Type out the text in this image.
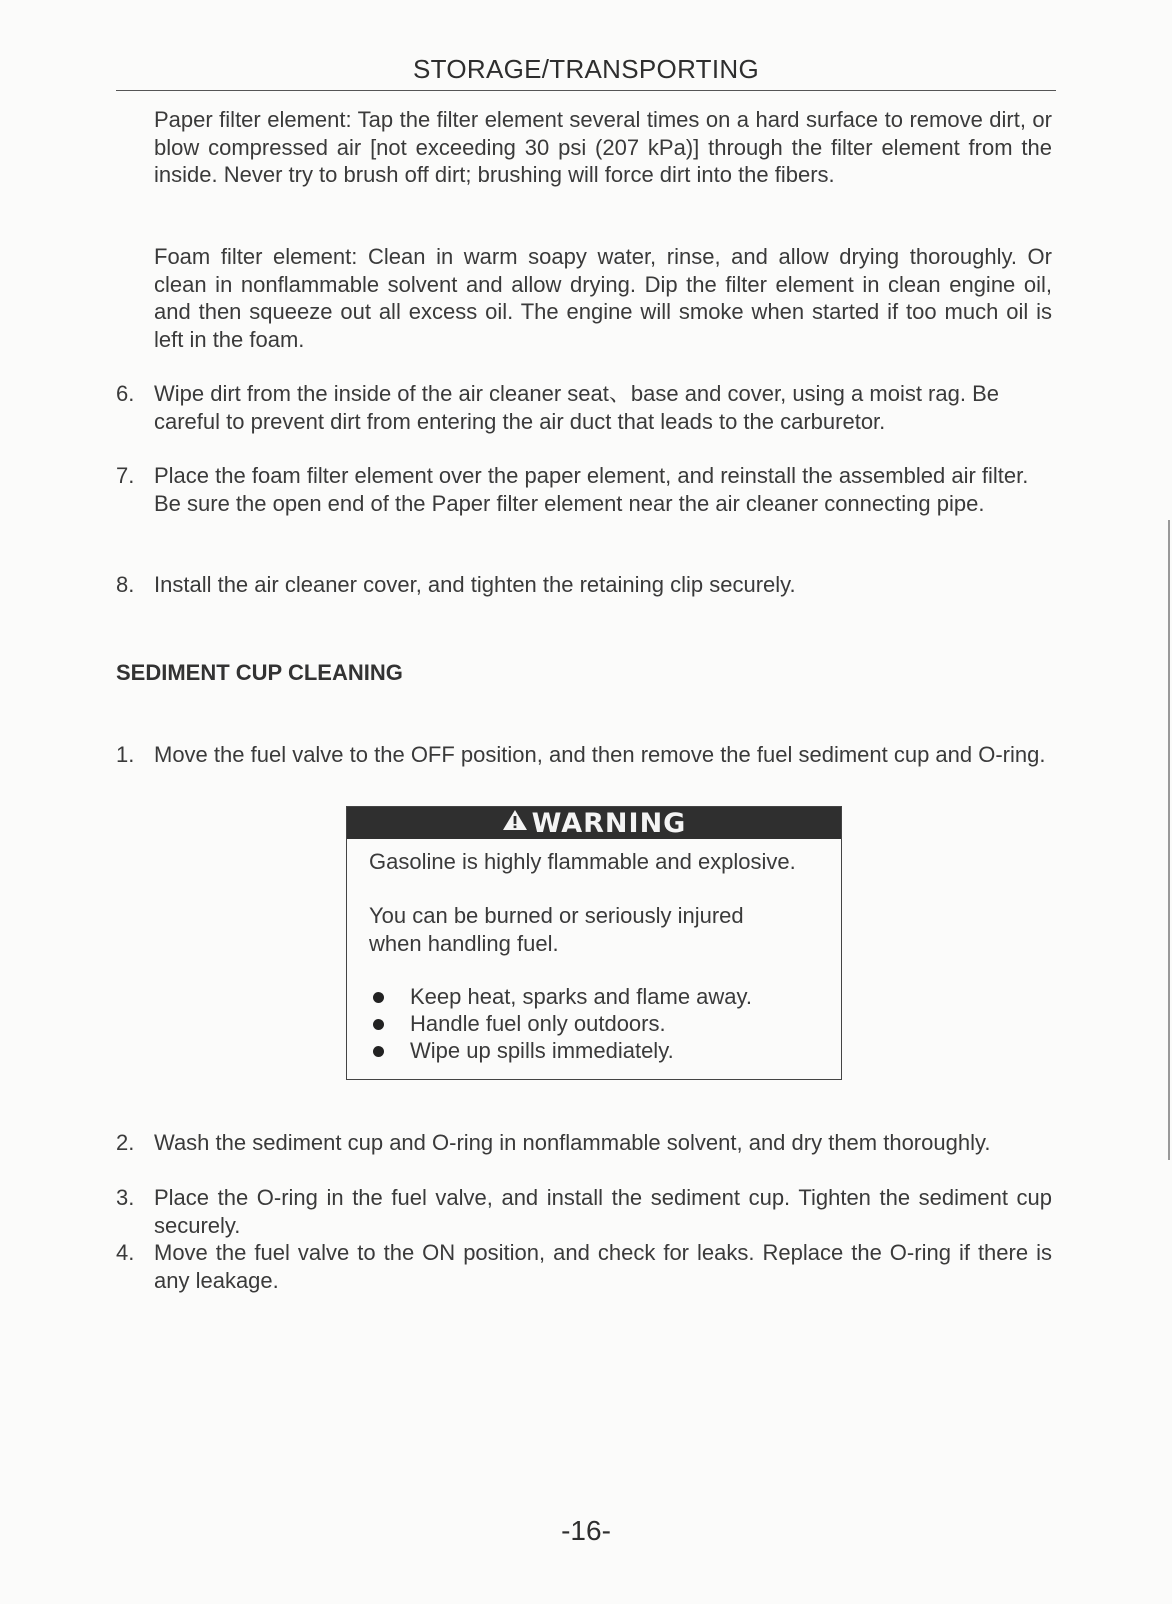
STORAGE/TRANSPORTING
Paper filter element: Tap the filter element several times on a hard surface to remove dirt, or blow compressed air [not exceeding 30 psi (207 kPa)] through the filter element from the inside. Never try to brush off dirt; brushing will force dirt into the fibers.
Foam filter element: Clean in warm soapy water, rinse, and allow drying thoroughly. Or clean in nonflammable solvent and allow drying. Dip the filter element in clean engine oil, and then squeeze out all excess oil. The engine will smoke when started if too much oil is left in the foam.
6. Wipe dirt from the inside of the air cleaner seat、base and cover, using a moist rag. Be careful to prevent dirt from entering the air duct that leads to the carburetor.
7. Place the foam filter element over the paper element, and reinstall the assembled air filter. Be sure the open end of the Paper filter element near the air cleaner connecting pipe.
8. Install the air cleaner cover, and tighten the retaining clip securely.
SEDIMENT CUP CLEANING
1. Move the fuel valve to the OFF position, and then remove the fuel sediment cup and O-ring.
WARNING
Gasoline is highly flammable and explosive.
You can be burned or seriously injured
when handling fuel.
Keep heat, sparks and flame away.
Handle fuel only outdoors.
Wipe up spills immediately.
2. Wash the sediment cup and O-ring in nonflammable solvent, and dry them thoroughly.
3. Place the O-ring in the fuel valve, and install the sediment cup. Tighten the sediment cup securely.
4. Move the fuel valve to the ON position, and check for leaks. Replace the O-ring if there is any leakage.
-16-
